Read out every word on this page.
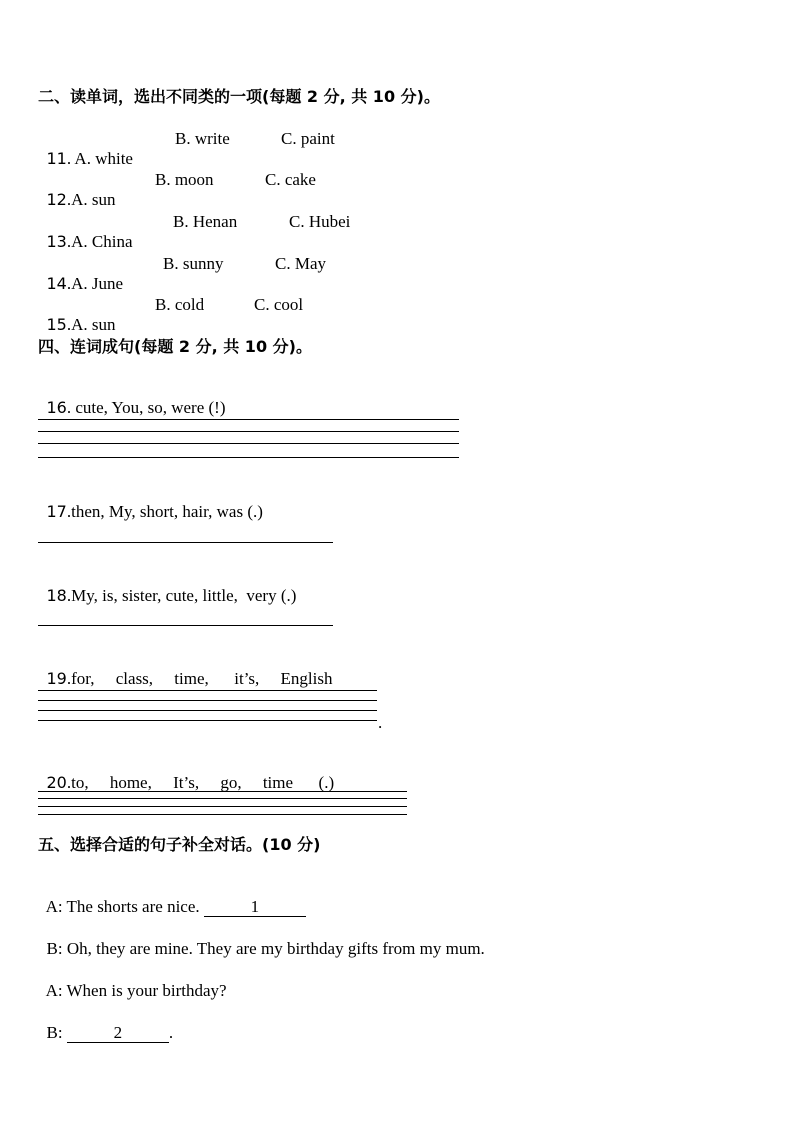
二、读单词，选出不同类的一项(每题 2 分, 共 10 分)。

11. A. white

B. write	C. paint

12.A. sun

B. moon	C. cake

13.A. China

B. Henan	C. Hubei

14.A. June

B. sunny	C. May

15.A. sun

B. cold	C. cool
四、连词成句(每题 2 分, 共 10 分)。

16. cute, You, so, were (!)

17.then, My, short, hair, was (.)

18.My, is, sister, cute, little,  very (.)

19.for,     class,     time,      it’s,     English

.

20.to,     home,     It’s,     go,     time      (.)

五、选择合适的句子补全对话。(10 分)

A: The shorts are nice.	1

B: Oh, they are mine. They are my birthday gifts from my mum.

A: When is your birthday?

B:	2	.
